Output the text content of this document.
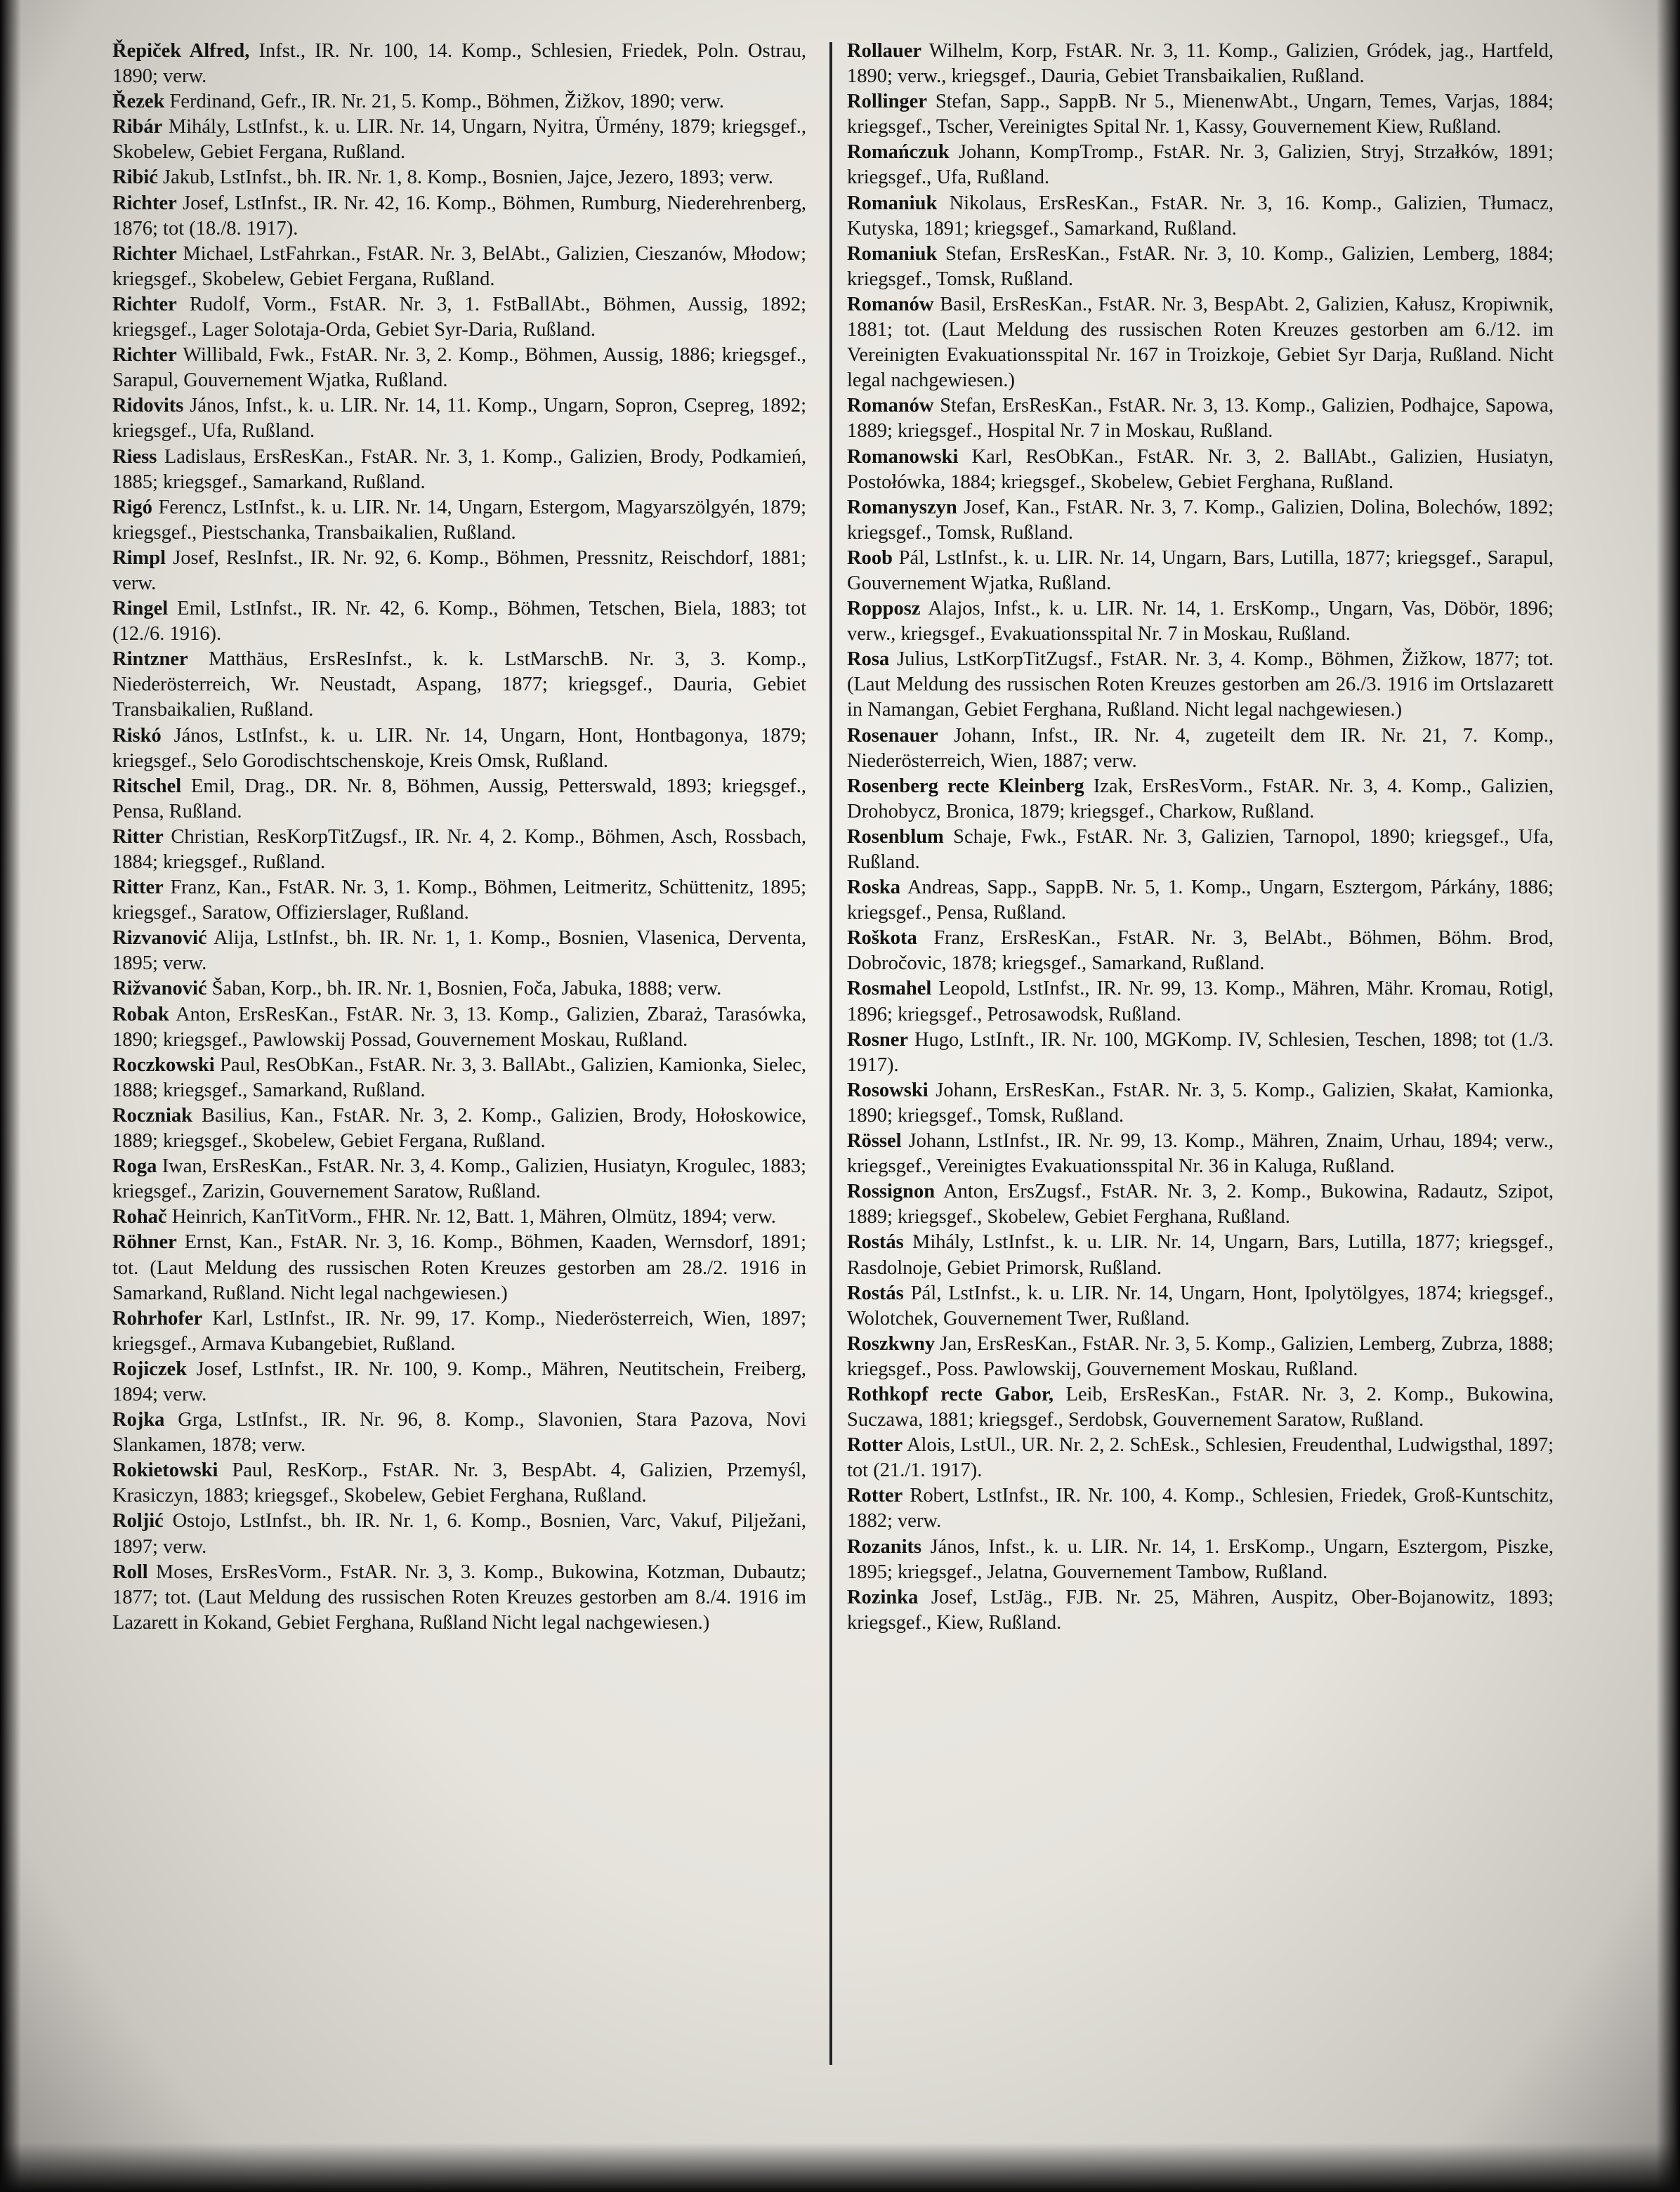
Řepiček Alfred, Infst., IR. Nr. 100, 14. Komp., Schlesien, Friedek, Poln. Ostrau, 1890; verw.

Řezek Ferdinand, Gefr., IR. Nr. 21, 5. Komp., Böhmen, Žižkov, 1890; verw.

Ribár Mihály, LstInfst., k. u. LIR. Nr. 14, Ungarn, Nyitra, Ürmény, 1879; kriegsgef., Skobelew, Gebiet Fergana, Rußland.

Ribić Jakub, LstInfst., bh. IR. Nr. 1, 8. Komp., Bosnien, Jajce, Jezero, 1893; verw.

Richter Josef, LstInfst., IR. Nr. 42, 16. Komp., Böhmen, Rumburg, Niederehrenberg, 1876; tot (18./8. 1917).

Richter Michael, LstFahrkan., FstAR. Nr. 3, BelAbt., Galizien, Cieszanów, Młodow; kriegsgef., Skobelew, Gebiet Fergana, Rußland.

Richter Rudolf, Vorm., FstAR. Nr. 3, 1. FstBallAbt., Böhmen, Aussig, 1892; kriegsgef., Lager Solotaja-Orda, Gebiet Syr-Daria, Rußland.

Richter Willibald, Fwk., FstAR. Nr. 3, 2. Komp., Böhmen, Aussig, 1886; kriegsgef., Sarapul, Gouvernement Wjatka, Rußland.

Ridovits János, Infst., k. u. LIR. Nr. 14, 11. Komp., Ungarn, Sopron, Csepreg, 1892; kriegsgef., Ufa, Rußland.

Riess Ladislaus, ErsResKan., FstAR. Nr. 3, 1. Komp., Galizien, Brody, Podkamień, 1885; kriegsgef., Samarkand, Rußland.

Rigó Ferencz, LstInfst., k. u. LIR. Nr. 14, Ungarn, Estergom, Magyarszölgyén, 1879; kriegsgef., Piestschanka, Transbaikalien, Rußland.

Rimpl Josef, ResInfst., IR. Nr. 92, 6. Komp., Böhmen, Pressnitz, Reischdorf, 1881; verw.

Ringel Emil, LstInfst., IR. Nr. 42, 6. Komp., Böhmen, Tetschen, Biela, 1883; tot (12./6. 1916).

Rintzner Matthäus, ErsResInfst., k. k. LstMarschB. Nr. 3, 3. Komp., Niederösterreich, Wr. Neustadt, Aspang, 1877; kriegsgef., Dauria, Gebiet Transbaikalien, Rußland.

Riskó János, LstInfst., k. u. LIR. Nr. 14, Ungarn, Hont, Hontbagonya, 1879; kriegsgef., Selo Gorodischtschenskoje, Kreis Omsk, Rußland.

Ritschel Emil, Drag., DR. Nr. 8, Böhmen, Aussig, Petterswald, 1893; kriegsgef., Pensa, Rußland.

Ritter Christian, ResKorpTitZugsf., IR. Nr. 4, 2. Komp., Böhmen, Asch, Rossbach, 1884; kriegsgef., Rußland.

Ritter Franz, Kan., FstAR. Nr. 3, 1. Komp., Böhmen, Leitmeritz, Schüttenitz, 1895; kriegsgef., Saratow, Offizierslager, Rußland.

Rizvanović Alija, LstInfst., bh. IR. Nr. 1, 1. Komp., Bosnien, Vlasenica, Derventa, 1895; verw.

Rižvanović Šaban, Korp., bh. IR. Nr. 1, Bosnien, Foča, Jabuka, 1888; verw.

Robak Anton, ErsResKan., FstAR. Nr. 3, 13. Komp., Galizien, Zbaraż, Tarasówka, 1890; kriegsgef., Pawlowskij Possad, Gouvernement Moskau, Rußland.

Roczkowski Paul, ResObKan., FstAR. Nr. 3, 3. BallAbt., Galizien, Kamionka, Sielec, 1888; kriegsgef., Samarkand, Rußland.

Roczniak Basilius, Kan., FstAR. Nr. 3, 2. Komp., Galizien, Brody, Hołoskowice, 1889; kriegsgef., Skobelew, Gebiet Fergana, Rußland.

Roga Iwan, ErsResKan., FstAR. Nr. 3, 4. Komp., Galizien, Husiatyn, Krogulec, 1883; kriegsgef., Zarizin, Gouvernement Saratow, Rußland.

Rohač Heinrich, KanTitVorm., FHR. Nr. 12, Batt. 1, Mähren, Olmütz, 1894; verw.

Röhner Ernst, Kan., FstAR. Nr. 3, 16. Komp., Böhmen, Kaaden, Wernsdorf, 1891; tot. (Laut Meldung des russischen Roten Kreuzes gestorben am 28./2. 1916 in Samarkand, Rußland. Nicht legal nachgewiesen.)

Rohrhofer Karl, LstInfst., IR. Nr. 99, 17. Komp., Niederösterreich, Wien, 1897; kriegsgef., Armava Kubangebiet, Rußland.

Rojiczek Josef, LstInfst., IR. Nr. 100, 9. Komp., Mähren, Neutitschein, Freiberg, 1894; verw.

Rojka Grga, LstInfst., IR. Nr. 96, 8. Komp., Slavonien, Stara Pazova, Novi Slankamen, 1878; verw.

Rokietowski Paul, ResKorp., FstAR. Nr. 3, BespAbt. 4, Galizien, Przemyśl, Krasiczyn, 1883; kriegsgef., Skobelew, Gebiet Ferghana, Rußland.

Roljić Ostojo, LstInfst., bh. IR. Nr. 1, 6. Komp., Bosnien, Varc, Vakuf, Pilježani, 1897; verw.

Roll Moses, ErsResVorm., FstAR. Nr. 3, 3. Komp., Bukowina, Kotzman, Dubautz; 1877; tot. (Laut Meldung des russischen Roten Kreuzes gestorben am 8./4. 1916 im Lazarett in Kokand, Gebiet Ferghana, Rußland Nicht legal nachgewiesen.)

Rollauer Wilhelm, Korp, FstAR. Nr. 3, 11. Komp., Galizien, Gródek, jag., Hartfeld, 1890; verw., kriegsgef., Dauria, Gebiet Transbaikalien, Rußland.

Rollinger Stefan, Sapp., SappB. Nr 5., MienenwAbt., Ungarn, Temes, Varjas, 1884; kriegsgef., Tscher, Vereinigtes Spital Nr. 1, Kassy, Gouvernement Kiew, Rußland.

Romańczuk Johann, KompTromp., FstAR. Nr. 3, Galizien, Stryj, Strzałków, 1891; kriegsgef., Ufa, Rußland.

Romaniuk Nikolaus, ErsResKan., FstAR. Nr. 3, 16. Komp., Galizien, Tłumacz, Kutyska, 1891; kriegsgef., Samarkand, Rußland.

Romaniuk Stefan, ErsResKan., FstAR. Nr. 3, 10. Komp., Galizien, Lemberg, 1884; kriegsgef., Tomsk, Rußland.

Romanów Basil, ErsResKan., FstAR. Nr. 3, BespAbt. 2, Galizien, Kałusz, Kropiwnik, 1881; tot. (Laut Meldung des russischen Roten Kreuzes gestorben am 6./12. im Vereinigten Evakuationsspital Nr. 167 in Troizkoje, Gebiet Syr Darja, Rußland. Nicht legal nachgewiesen.)

Romanów Stefan, ErsResKan., FstAR. Nr. 3, 13. Komp., Galizien, Podhajce, Sapowa, 1889; kriegsgef., Hospital Nr. 7 in Moskau, Rußland.

Romanowski Karl, ResObKan., FstAR. Nr. 3, 2. BallAbt., Galizien, Husiatyn, Postołówka, 1884; kriegsgef., Skobelew, Gebiet Ferghana, Rußland.

Romanyszyn Josef, Kan., FstAR. Nr. 3, 7. Komp., Galizien, Dolina, Bolechów, 1892; kriegsgef., Tomsk, Rußland.

Roob Pál, LstInfst., k. u. LIR. Nr. 14, Ungarn, Bars, Lutilla, 1877; kriegsgef., Sarapul, Gouvernement Wjatka, Rußland.

Ropposz Alajos, Infst., k. u. LIR. Nr. 14, 1. ErsKomp., Ungarn, Vas, Döbör, 1896; verw., kriegsgef., Evakuationsspital Nr. 7 in Moskau, Rußland.

Rosa Julius, LstKorpTitZugsf., FstAR. Nr. 3, 4. Komp., Böhmen, Žižkow, 1877; tot. (Laut Meldung des russischen Roten Kreuzes gestorben am 26./3. 1916 im Ortslazarett in Namangan, Gebiet Ferghana, Rußland. Nicht legal nachgewiesen.)

Rosenauer Johann, Infst., IR. Nr. 4, zugeteilt dem IR. Nr. 21, 7. Komp., Niederösterreich, Wien, 1887; verw.

Rosenberg recte Kleinberg Izak, ErsResVorm., FstAR. Nr. 3, 4. Komp., Galizien, Drohobycz, Bronica, 1879; kriegsgef., Charkow, Rußland.

Rosenblum Schaje, Fwk., FstAR. Nr. 3, Galizien, Tarnopol, 1890; kriegsgef., Ufa, Rußland.

Roska Andreas, Sapp., SappB. Nr. 5, 1. Komp., Ungarn, Esztergom, Párkány, 1886; kriegsgef., Pensa, Rußland.

Roškota Franz, ErsResKan., FstAR. Nr. 3, BelAbt., Böhmen, Böhm. Brod, Dobročovic, 1878; kriegsgef., Samarkand, Rußland.

Rosmahel Leopold, LstInfst., IR. Nr. 99, 13. Komp., Mähren, Mähr. Kromau, Rotigl, 1896; kriegsgef., Petrosawodsk, Rußland.

Rosner Hugo, LstInft., IR. Nr. 100, MGKomp. IV, Schlesien, Teschen, 1898; tot (1./3. 1917).

Rosowski Johann, ErsResKan., FstAR. Nr. 3, 5. Komp., Galizien, Skałat, Kamionka, 1890; kriegsgef., Tomsk, Rußland.

Rössel Johann, LstInfst., IR. Nr. 99, 13. Komp., Mähren, Znaim, Urhau, 1894; verw., kriegsgef., Vereinigtes Evakuationsspital Nr. 36 in Kaluga, Rußland.

Rossignon Anton, ErsZugsf., FstAR. Nr. 3, 2. Komp., Bukowina, Radautz, Szipot, 1889; kriegsgef., Skobelew, Gebiet Ferghana, Rußland.

Rostás Mihály, LstInfst., k. u. LIR. Nr. 14, Ungarn, Bars, Lutilla, 1877; kriegsgef., Rasdolnoje, Gebiet Primorsk, Rußland.

Rostás Pál, LstInfst., k. u. LIR. Nr. 14, Ungarn, Hont, Ipolytölgyes, 1874; kriegsgef., Wolotchek, Gouvernement Twer, Rußland.

Roszkwny Jan, ErsResKan., FstAR. Nr. 3, 5. Komp., Galizien, Lemberg, Zubrza, 1888; kriegsgef., Poss. Pawlowskij, Gouvernement Moskau, Rußland.

Rothkopf recte Gabor, Leib, ErsResKan., FstAR. Nr. 3, 2. Komp., Bukowina, Suczawa, 1881; kriegsgef., Serdobsk, Gouvernement Saratow, Rußland.

Rotter Alois, LstUl., UR. Nr. 2, 2. SchEsk., Schlesien, Freudenthal, Ludwigsthal, 1897; tot (21./1. 1917).

Rotter Robert, LstInfst., IR. Nr. 100, 4. Komp., Schlesien, Friedek, Groß-Kuntschitz, 1882; verw.

Rozanits János, Infst., k. u. LIR. Nr. 14, 1. ErsKomp., Ungarn, Esztergom, Piszke, 1895; kriegsgef., Jelatna, Gouvernement Tambow, Rußland.

Rozinka Josef, LstJäg., FJB. Nr. 25, Mähren, Auspitz, Ober-Bojanowitz, 1893; kriegsgef., Kiew, Rußland.
